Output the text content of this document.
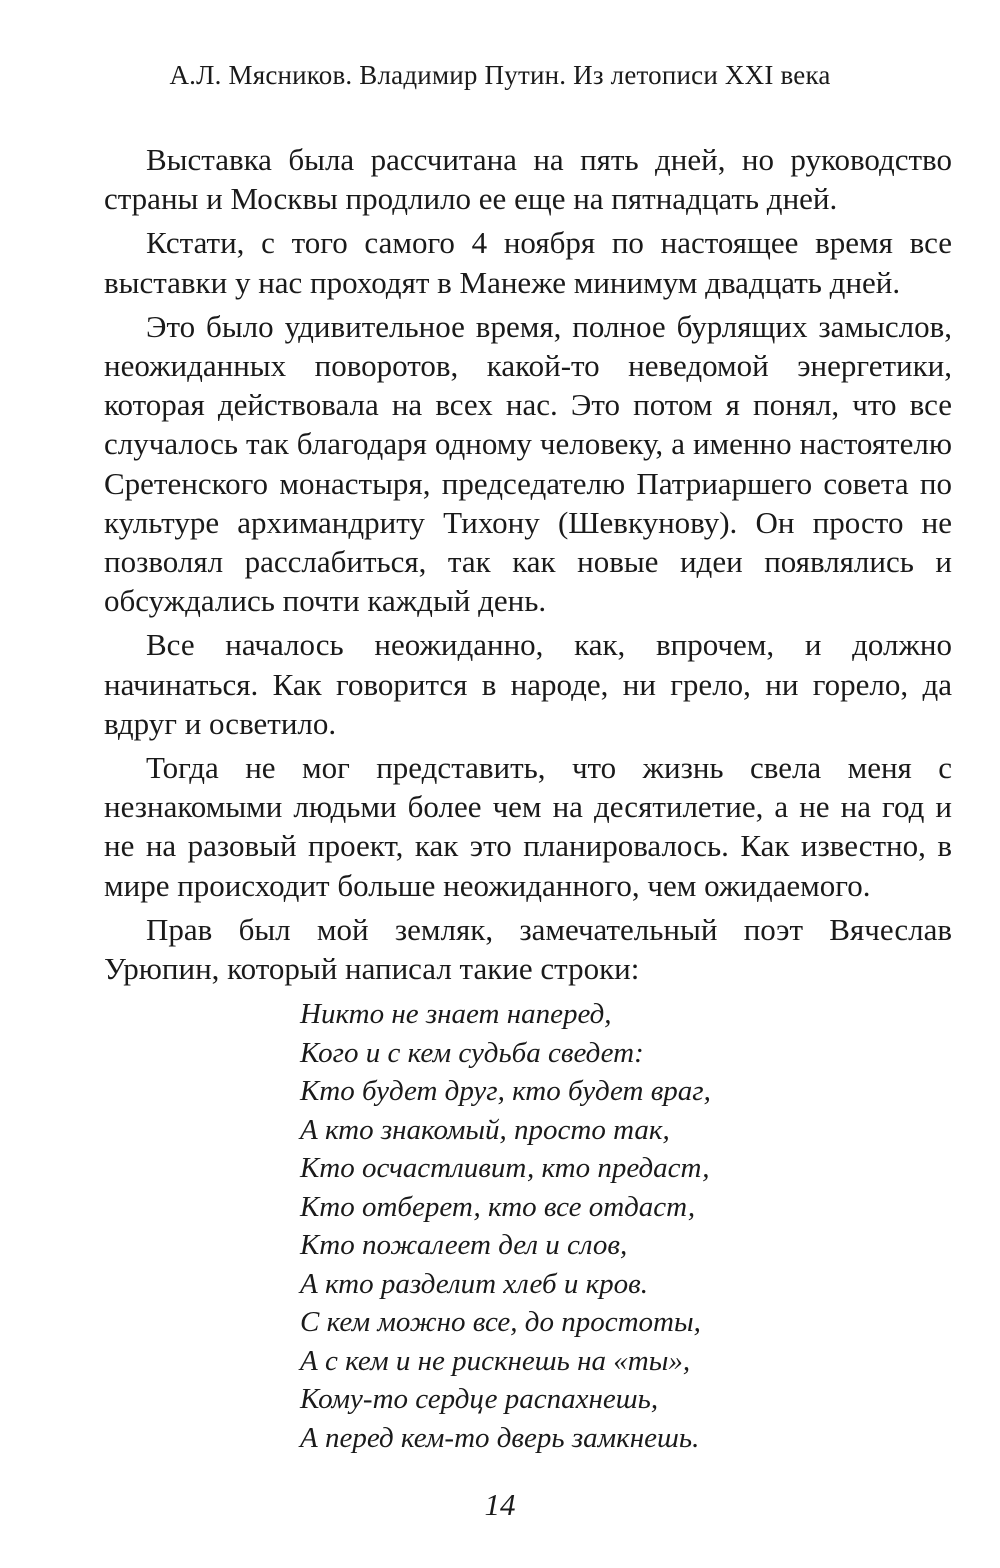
А.Л. Мясников. Владимир Путин. Из летописи XXI века

Выставка была рассчитана на пять дней, но руководство страны и Москвы продлило ее еще на пятнадцать дней.

Кстати, с того самого 4 ноября по настоящее время все выставки у нас проходят в Манеже минимум двадцать дней.

Это было удивительное время, полное бурлящих замыслов, неожиданных поворотов, какой-то неведомой энергетики, которая действовала на всех нас. Это потом я понял, что все случалось так благодаря одному человеку, а именно настоятелю Сретенского монастыря, председателю Патриаршего совета по культуре архимандриту Тихону (Шевкунову). Он просто не позволял расслабиться, так как новые идеи появлялись и обсуждались почти каждый день.

Все началось неожиданно, как, впрочем, и должно начинаться. Как говорится в народе, ни грело, ни горело, да вдруг и осветило.

Тогда не мог представить, что жизнь свела меня с незнакомыми людьми более чем на десятилетие, а не на год и не на разовый проект, как это планировалось. Как известно, в мире происходит больше неожиданного, чем ожидаемого.

Прав был мой земляк, замечательный поэт Вячеслав Урюпин, который написал такие строки:

Никто не знает наперед,
Кого и с кем судьба сведет:
Кто будет друг, кто будет враг,
А кто знакомый, просто так,
Кто осчастливит, кто предаст,
Кто отберет, кто все отдаст,
Кто пожалеет дел и слов,
А кто разделит хлеб и кров.
С кем можно все, до простоты,
А с кем и не рискнешь на «ты»,
Кому-то сердце распахнешь,
А перед кем-то дверь замкнешь.
14
